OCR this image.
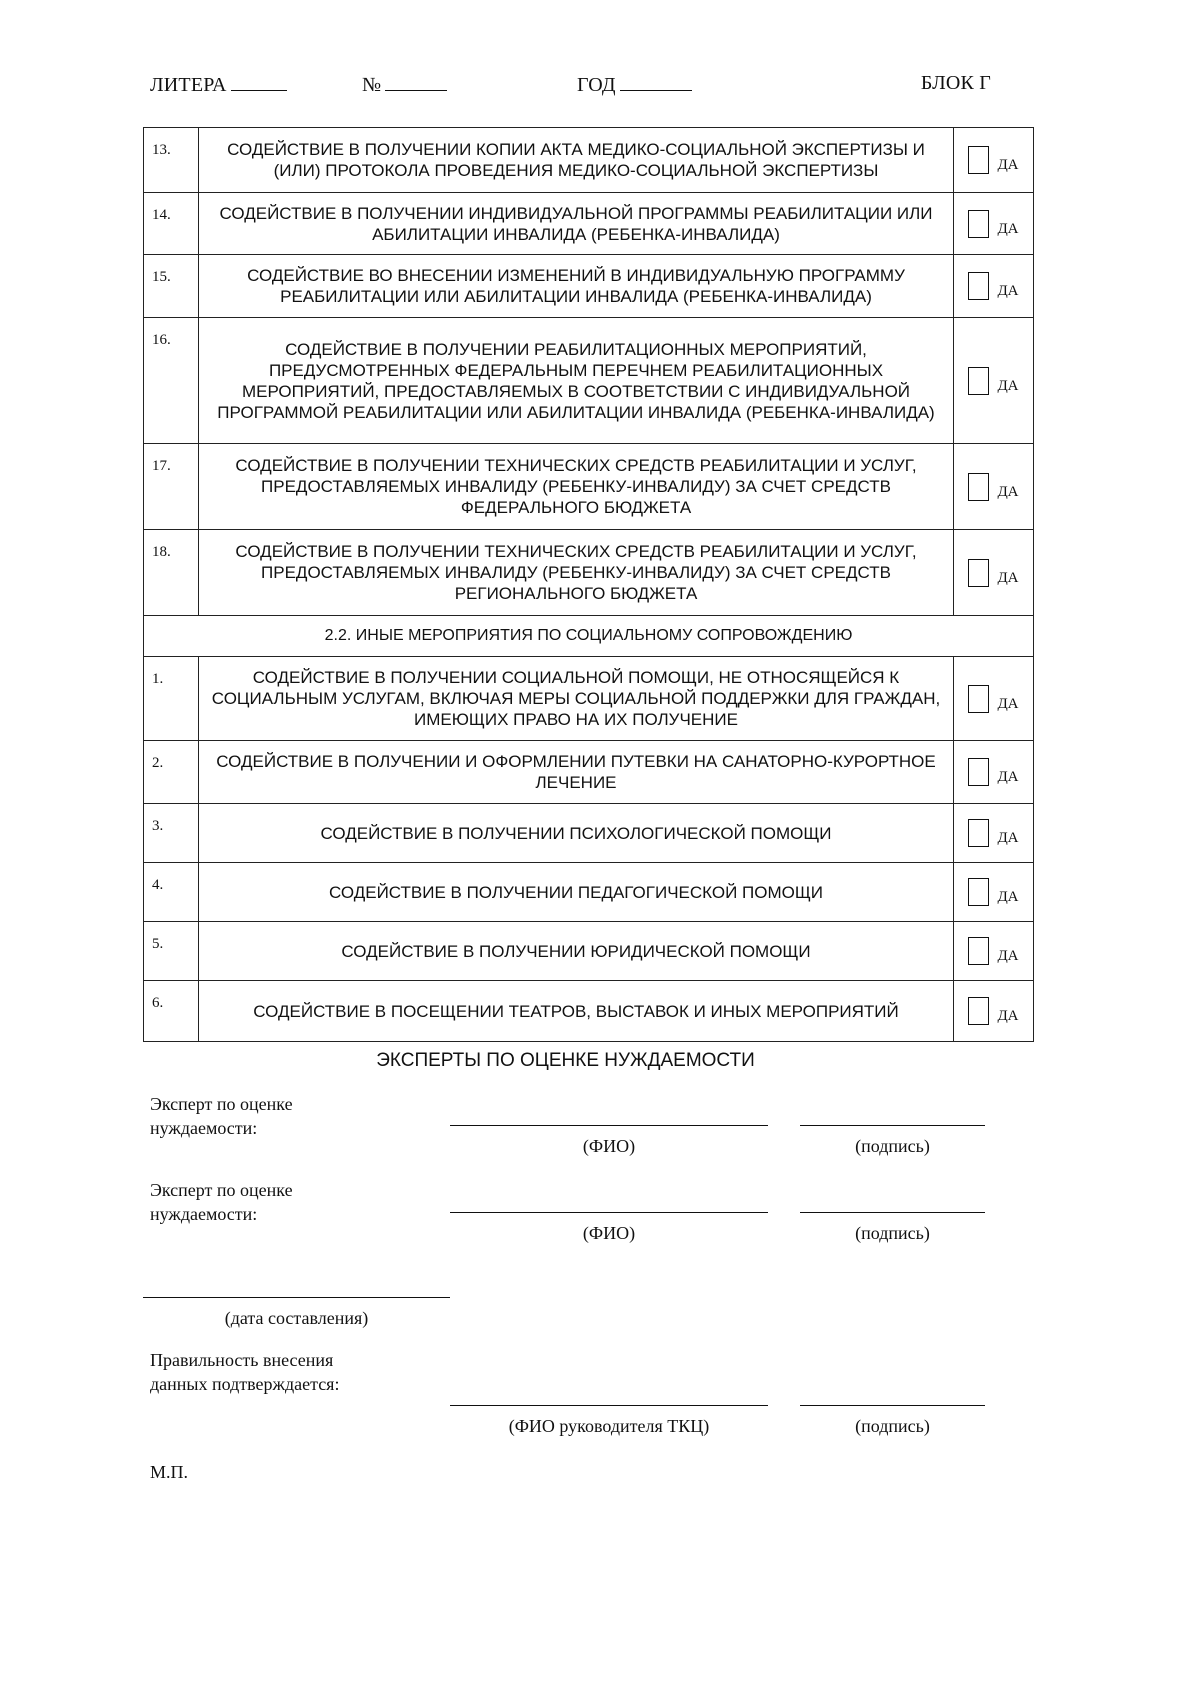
ЛИТЕРА	№	ГОД	БЛОК Г
13.	СОДЕЙСТВИЕ В ПОЛУЧЕНИИ КОПИИ АКТА МЕДИКО-СОЦИАЛЬНОЙ ЭКСПЕРТИЗЫ И (ИЛИ) ПРОТОКОЛА ПРОВЕДЕНИЯ МЕДИКО-СОЦИАЛЬНОЙ ЭКСПЕРТИЗЫ	ДА

14.	СОДЕЙСТВИЕ В ПОЛУЧЕНИИ ИНДИВИДУАЛЬНОЙ ПРОГРАММЫ РЕАБИЛИТАЦИИ ИЛИ АБИЛИТАЦИИ ИНВАЛИДА (РЕБЕНКА-ИНВАЛИДА)	ДА

15.	СОДЕЙСТВИЕ ВО ВНЕСЕНИИ ИЗМЕНЕНИЙ В ИНДИВИДУАЛЬНУЮ ПРОГРАММУ РЕАБИЛИТАЦИИ ИЛИ АБИЛИТАЦИИ ИНВАЛИДА (РЕБЕНКА-ИНВАЛИДА)	ДА

16.	СОДЕЙСТВИЕ В ПОЛУЧЕНИИ РЕАБИЛИТАЦИОННЫХ МЕРОПРИЯТИЙ, ПРЕДУСМОТРЕННЫХ ФЕДЕРАЛЬНЫМ ПЕРЕЧНЕМ РЕАБИЛИТАЦИОННЫХ МЕРОПРИЯТИЙ, ПРЕДОСТАВЛЯЕМЫХ В СООТВЕТСТВИИ С ИНДИВИДУАЛЬНОЙ ПРОГРАММОЙ РЕАБИЛИТАЦИИ ИЛИ АБИЛИТАЦИИ ИНВАЛИДА (РЕБЕНКА-ИНВАЛИДА)	ДА

17.	СОДЕЙСТВИЕ В ПОЛУЧЕНИИ ТЕХНИЧЕСКИХ СРЕДСТВ РЕАБИЛИТАЦИИ И УСЛУГ, ПРЕДОСТАВЛЯЕМЫХ ИНВАЛИДУ (РЕБЕНКУ-ИНВАЛИДУ) ЗА СЧЕТ СРЕДСТВ ФЕДЕРАЛЬНОГО БЮДЖЕТА	ДА

18.	СОДЕЙСТВИЕ В ПОЛУЧЕНИИ ТЕХНИЧЕСКИХ СРЕДСТВ РЕАБИЛИТАЦИИ И УСЛУГ, ПРЕДОСТАВЛЯЕМЫХ ИНВАЛИДУ (РЕБЕНКУ-ИНВАЛИДУ) ЗА СЧЕТ СРЕДСТВ РЕГИОНАЛЬНОГО БЮДЖЕТА	ДА

2.2. ИНЫЕ МЕРОПРИЯТИЯ ПО СОЦИАЛЬНОМУ СОПРОВОЖДЕНИЮ		
1.	СОДЕЙСТВИЕ В ПОЛУЧЕНИИ СОЦИАЛЬНОЙ ПОМОЩИ, НЕ ОТНОСЯЩЕЙСЯ К СОЦИАЛЬНЫМ УСЛУГАМ, ВКЛЮЧАЯ МЕРЫ СОЦИАЛЬНОЙ ПОДДЕРЖКИ ДЛЯ ГРАЖДАН, ИМЕЮЩИХ ПРАВО НА ИХ ПОЛУЧЕНИЕ	ДА

2.	СОДЕЙСТВИЕ В ПОЛУЧЕНИИ И ОФОРМЛЕНИИ ПУТЕВКИ НА САНАТОРНО-КУРОРТНОЕ ЛЕЧЕНИЕ	ДА

3.	СОДЕЙСТВИЕ В ПОЛУЧЕНИИ ПСИХОЛОГИЧЕСКОЙ ПОМОЩИ	ДА

4.	СОДЕЙСТВИЕ В ПОЛУЧЕНИИ ПЕДАГОГИЧЕСКОЙ ПОМОЩИ	ДА

5.	СОДЕЙСТВИЕ В ПОЛУЧЕНИИ ЮРИДИЧЕСКОЙ ПОМОЩИ	ДА

6.	СОДЕЙСТВИЕ В ПОСЕЩЕНИИ ТЕАТРОВ, ВЫСТАВОК И ИНЫХ МЕРОПРИЯТИЙ	ДА
ЭКСПЕРТЫ ПО ОЦЕНКЕ НУЖДАЕМОСТИ
Эксперт по оценке
нуждаемости:
(ФИО)	(подпись)
Эксперт по оценке
нуждаемости:
(ФИО)	(подпись)
(дата составления)
Правильность внесения
данных подтверждается:
(ФИО руководителя ТКЦ)	(подпись)
М.П.
